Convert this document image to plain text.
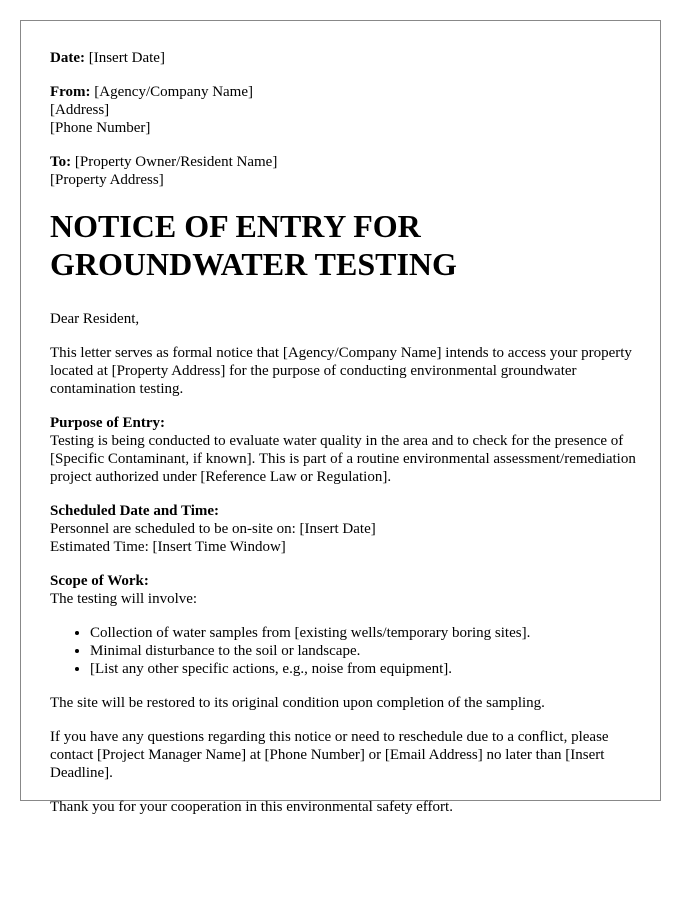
Date: [Insert Date]
From: [Agency/Company Name]
[Address]
[Phone Number]
To: [Property Owner/Resident Name]
[Property Address]
NOTICE OF ENTRY FOR
GROUNDWATER TESTING

Dear Resident,

This letter serves as formal notice that [Agency/Company Name] intends to access your property located at [Property Address] for the purpose of conducting environmental groundwater contamination testing.

Purpose of Entry:
Testing is being conducted to evaluate water quality in the area and to check for the presence of [Specific Contaminant, if known]. This is part of a routine environmental assessment/remediation project authorized under [Reference Law or Regulation].
Scheduled Date and Time:
Personnel are scheduled to be on-site on: [Insert Date]
Estimated Time: [Insert Time Window]
Scope of Work:
The testing will involve:
• Collection of water samples from [existing wells/temporary boring sites].
• Minimal disturbance to the soil or landscape.
• [List any other specific actions, e.g., noise from equipment].

The site will be restored to its original condition upon completion of the sampling.

If you have any questions regarding this notice or need to reschedule due to a conflict, please contact [Project Manager Name] at [Phone Number] or [Email Address] no later than [Insert Deadline].

Thank you for your cooperation in this environmental safety effort.
